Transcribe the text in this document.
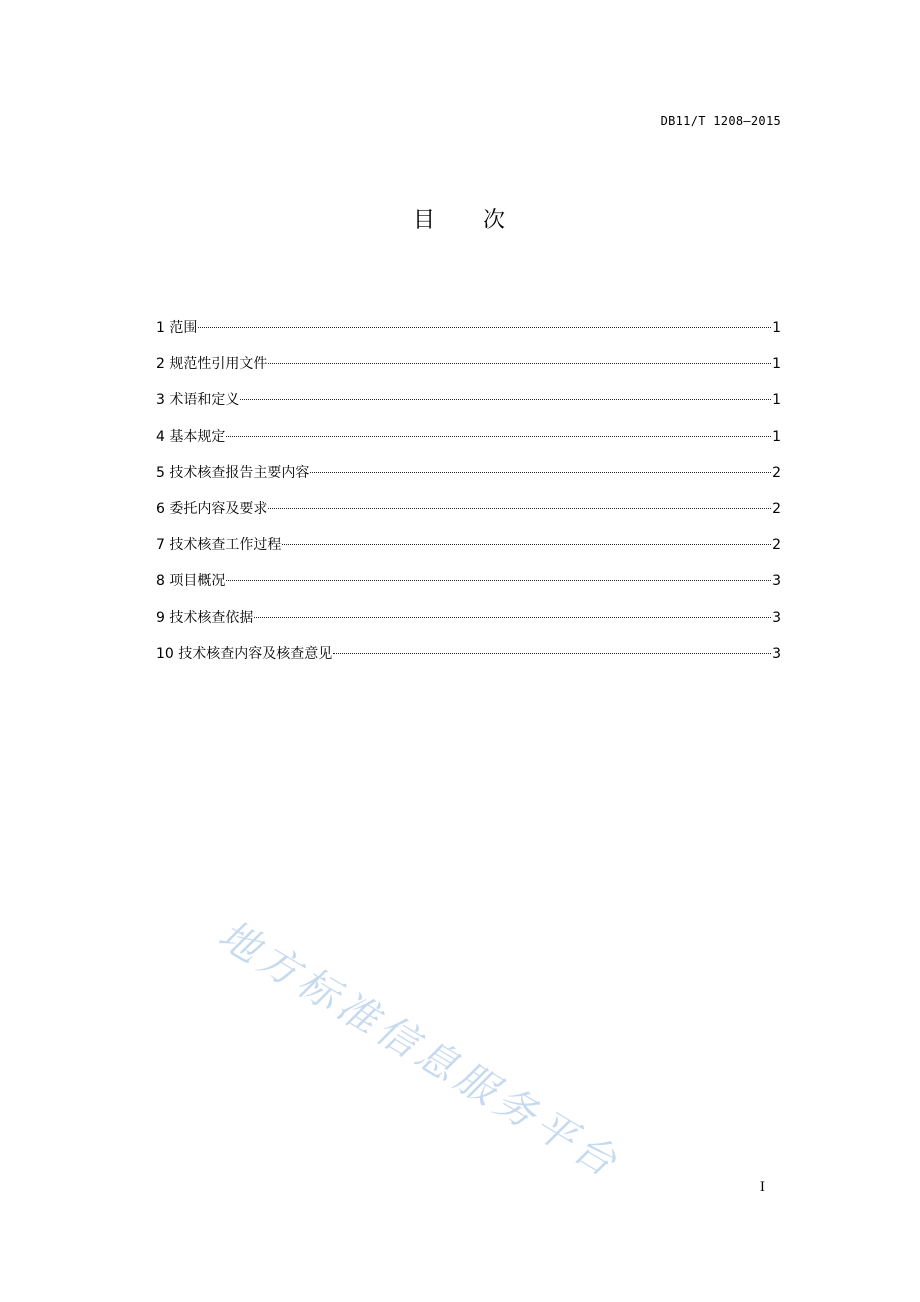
DB11/T 1208—2015
目 次
1 范围	1
2 规范性引用文件	1
3 术语和定义	1
4 基本规定	1
5 技术核查报告主要内容	2
6 委托内容及要求	2
7 技术核查工作过程	2
8 项目概况	3
9 技术核查依据	3
10 技术核查内容及核查意见	3
地方标准信息服务平台	I
